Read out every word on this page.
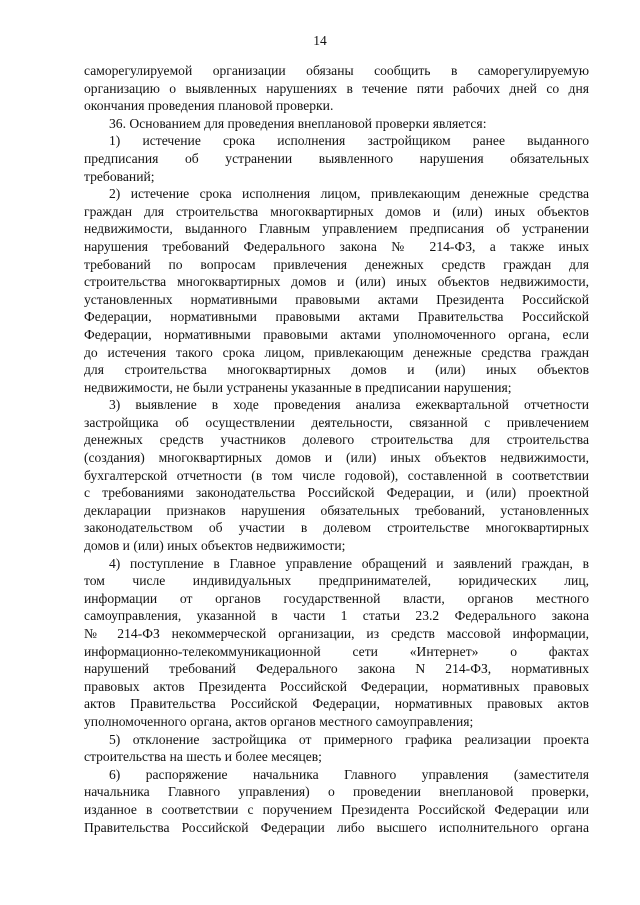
14
саморегулируемой организации обязаны сообщить в саморегулируемую
организацию о выявленных нарушениях в течение пяти рабочих дней со дня
окончания проведения плановой проверки.
36. Основанием для проведения внеплановой проверки является:
1) истечение срока исполнения застройщиком ранее выданного
предписания об устранении выявленного нарушения обязательных
требований;
2) истечение срока исполнения лицом, привлекающим денежные средства
граждан для строительства многоквартирных домов и (или) иных объектов
недвижимости, выданного Главным управлением предписания об устранении
нарушения требований Федерального закона № 214-ФЗ, а также иных
требований по вопросам привлечения денежных средств граждан для
строительства многоквартирных домов и (или) иных объектов недвижимости,
установленных нормативными правовыми актами Президента Российской
Федерации, нормативными правовыми актами Правительства Российской
Федерации, нормативными правовыми актами уполномоченного органа, если
до истечения такого срока лицом, привлекающим денежные средства граждан
для строительства многоквартирных домов и (или) иных объектов
недвижимости, не были устранены указанные в предписании нарушения;
3) выявление в ходе проведения анализа ежеквартальной отчетности
застройщика об осуществлении деятельности, связанной с привлечением
денежных средств участников долевого строительства для строительства
(создания) многоквартирных домов и (или) иных объектов недвижимости,
бухгалтерской отчетности (в том числе годовой), составленной в соответствии
с требованиями законодательства Российской Федерации, и (или) проектной
декларации признаков нарушения обязательных требований, установленных
законодательством об участии в долевом строительстве многоквартирных
домов и (или) иных объектов недвижимости;
4) поступление в Главное управление обращений и заявлений граждан, в
том числе индивидуальных предпринимателей, юридических лиц,
информации от органов государственной власти, органов местного
самоуправления, указанной в части 1 статьи 23.2 Федерального закона
№ 214-ФЗ некоммерческой организации, из средств массовой информации,
информационно-телекоммуникационной сети «Интернет» о фактах
нарушений требований Федерального закона N 214-ФЗ, нормативных
правовых актов Президента Российской Федерации, нормативных правовых
актов Правительства Российской Федерации, нормативных правовых актов
уполномоченного органа, актов органов местного самоуправления;
5) отклонение застройщика от примерного графика реализации проекта
строительства на шесть и более месяцев;
6) распоряжение начальника Главного управления (заместителя
начальника Главного управления) о проведении внеплановой проверки,
изданное в соответствии с поручением Президента Российской Федерации или
Правительства Российской Федерации либо высшего исполнительного органа
